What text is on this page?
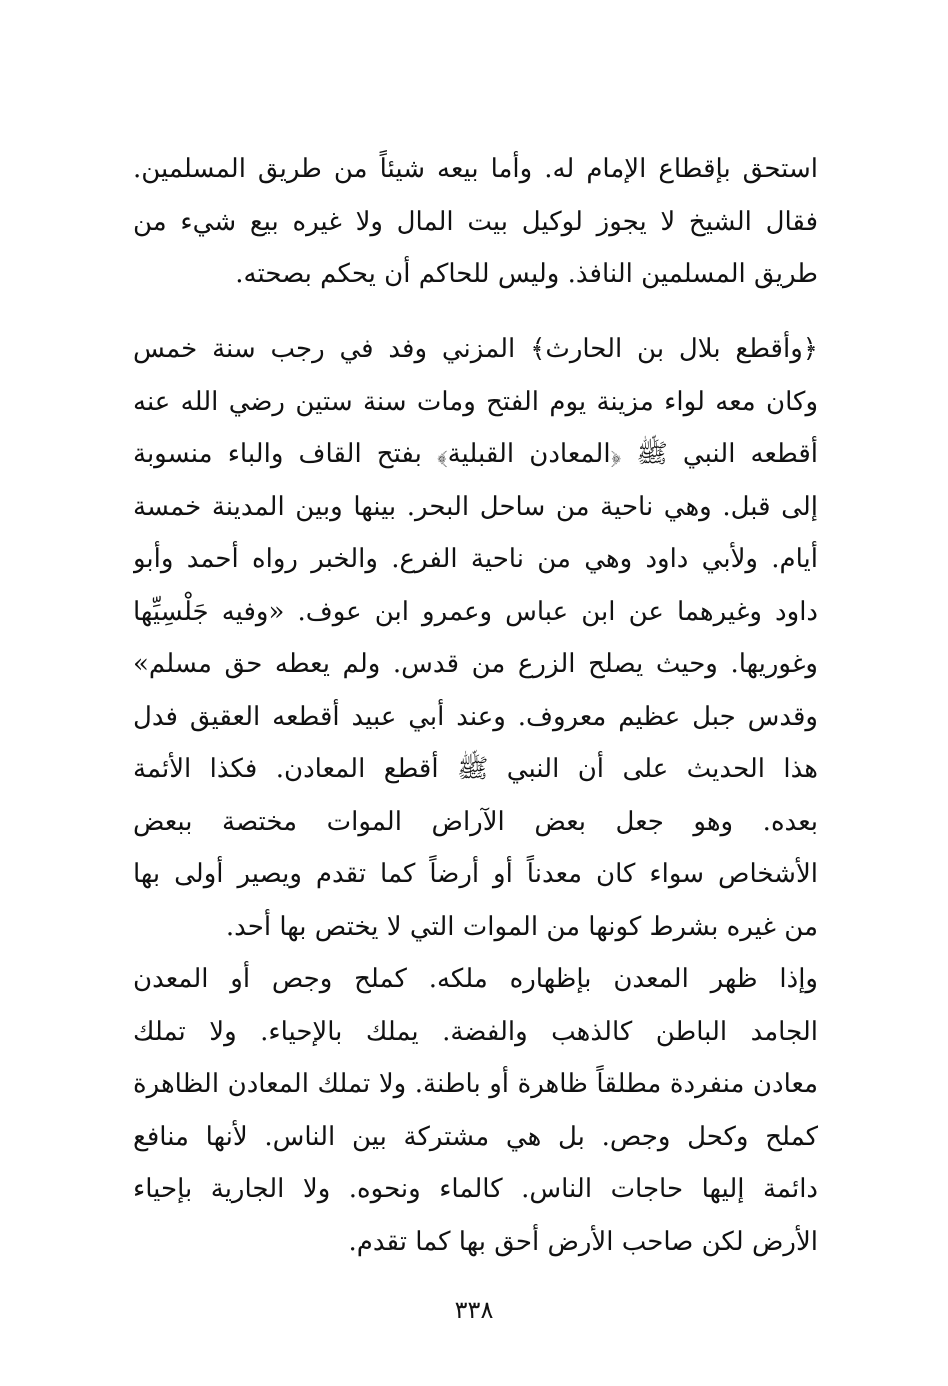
استحق بإقطاع الإمام له. وأما بيعه شيئاً من طريق المسلمين.
فقال الشيخ لا يجوز لوكيل بيت المال ولا غيره بيع شيء من
طريق المسلمين النافذ. وليس للحاكم أن يحكم بصحته.
﴿وأقطع بلال بن الحارث﴾ المزني وفد في رجب سنة خمس
وكان معه لواء مزينة يوم الفتح ومات سنة ستين رضي الله عنه
أقطعه النبي ﷺ ﴿المعادن القبلية﴾ بفتح القاف والباء منسوبة
إلى قبل. وهي ناحية من ساحل البحر. بينها وبين المدينة خمسة
أيام. ولأبي داود وهي من ناحية الفرع. والخبر رواه أحمد وأبو
داود وغيرهما عن ابن عباس وعمرو ابن عوف. «وفيه جَلْسِيِّها
وغوريها. وحيث يصلح الزرع من قدس. ولم يعطه حق مسلم»
وقدس جبل عظيم معروف. وعند أبي عبيد أقطعه العقيق فدل
هذا الحديث على أن النبي ﷺ أقطع المعادن. فكذا الأئمة
بعده. وهو جعل بعض الآراض الموات مختصة ببعض
الأشخاص سواء كان معدناً أو أرضاً كما تقدم ويصير أولى بها
من غيره بشرط كونها من الموات التي لا يختص بها أحد.
وإذا ظهر المعدن بإظهاره ملكه. كملح وجص أو المعدن
الجامد الباطن كالذهب والفضة. يملك بالإحياء. ولا تملك
معادن منفردة مطلقاً ظاهرة أو باطنة. ولا تملك المعادن الظاهرة
كملح وكحل وجص. بل هي مشتركة بين الناس. لأنها منافع
دائمة إليها حاجات الناس. كالماء ونحوه. ولا الجارية بإحياء
الأرض لكن صاحب الأرض أحق بها كما تقدم.
٣٣٨
